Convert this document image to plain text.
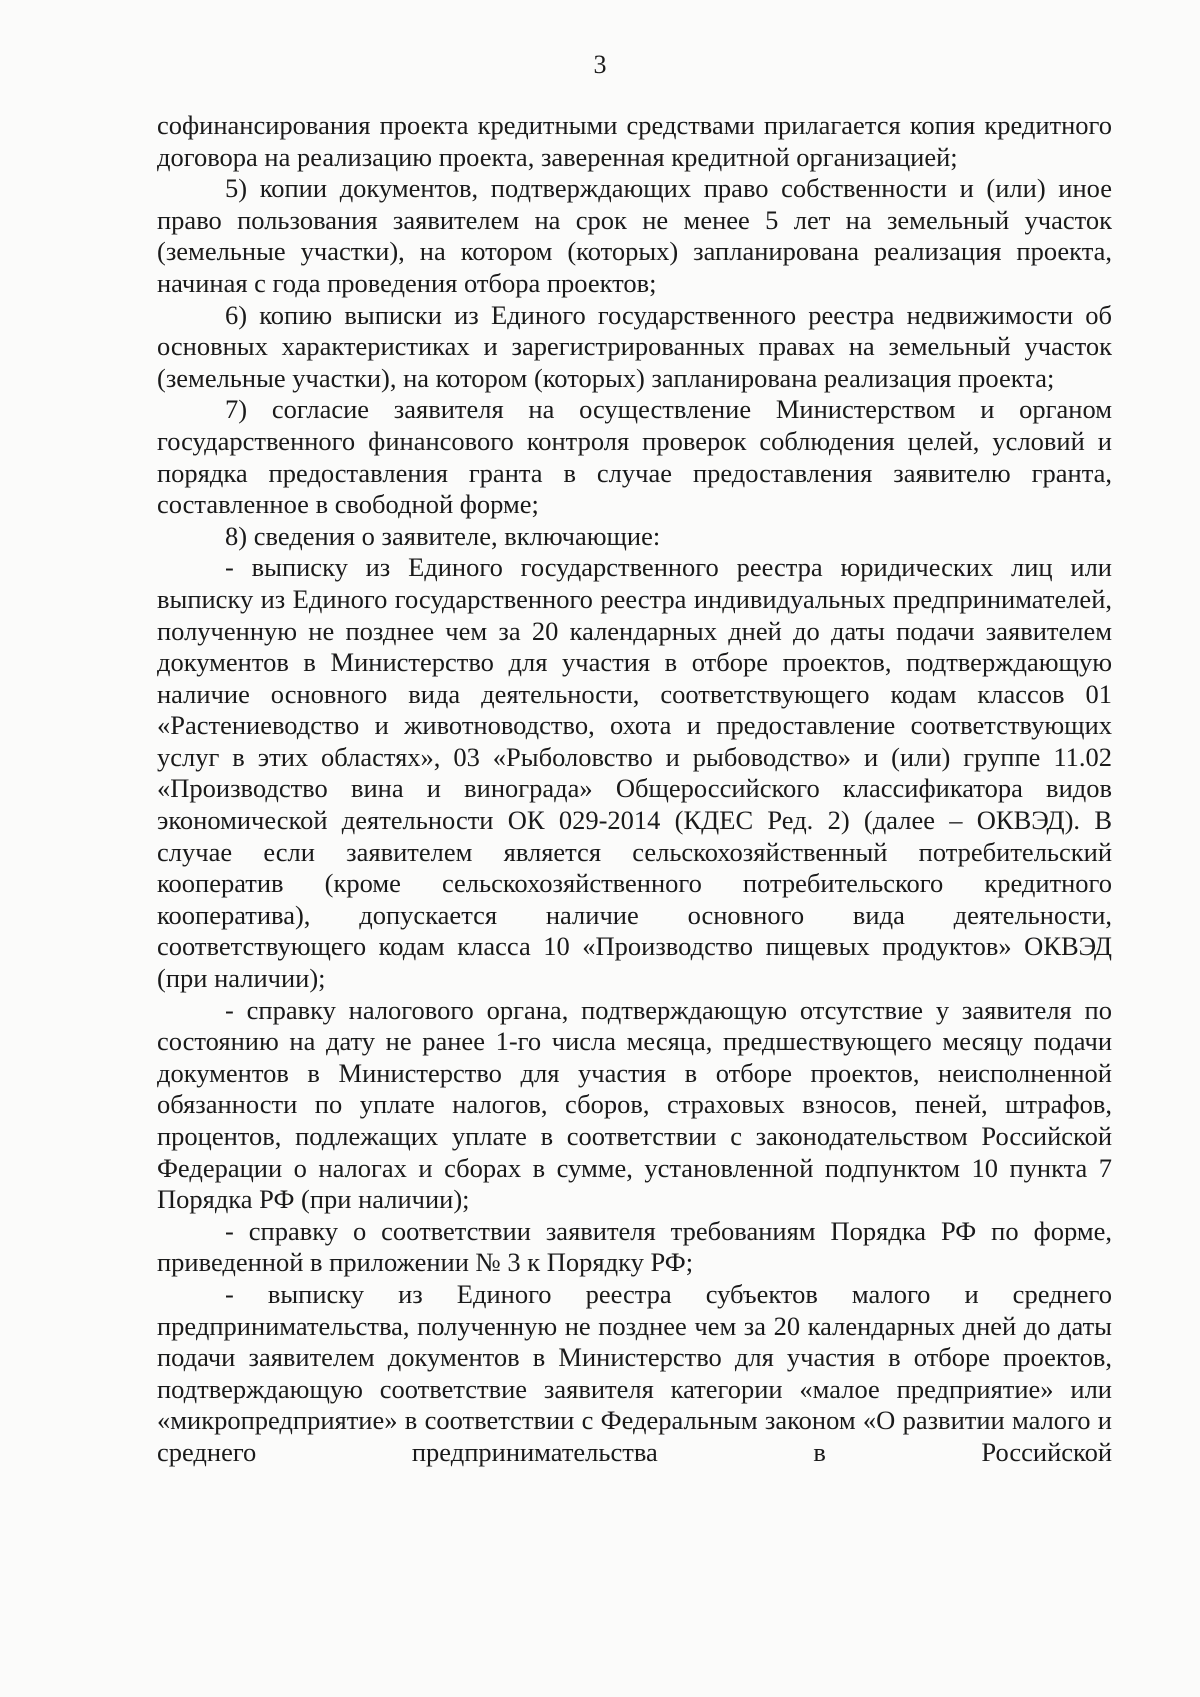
3

софинансирования проекта кредитными средствами прилагается копия кредитного договора на реализацию проекта, заверенная кредитной организацией;

5) копии документов, подтверждающих право собственности и (или) иное право пользования заявителем на срок не менее 5 лет на земельный участок (земельные участки), на котором (которых) запланирована реализация проекта, начиная с года проведения отбора проектов;

6) копию выписки из Единого государственного реестра недвижимости об основных характеристиках и зарегистрированных правах на земельный участок (земельные участки), на котором (которых) запланирована реализация проекта;

7) согласие заявителя на осуществление Министерством и органом государственного финансового контроля проверок соблюдения целей, условий и порядка предоставления гранта в случае предоставления заявителю гранта, составленное в свободной форме;

8) сведения о заявителе, включающие:

- выписку из Единого государственного реестра юридических лиц или выписку из Единого государственного реестра индивидуальных предпринимателей, полученную не позднее чем за 20 календарных дней до даты подачи заявителем документов в Министерство для участия в отборе проектов, подтверждающую наличие основного вида деятельности, соответствующего кодам классов 01 «Растениеводство и животноводство, охота и предоставление соответствующих услуг в этих областях», 03 «Рыболовство и рыбоводство» и (или) группе 11.02 «Производство вина и винограда» Общероссийского классификатора видов экономической деятельности ОК 029-2014 (КДЕС Ред. 2) (далее – ОКВЭД). В случае если заявителем является сельскохозяйственный потребительский кооператив (кроме сельскохозяйственного потребительского кредитного кооператива), допускается наличие основного вида деятельности, соответствующего кодам класса 10 «Производство пищевых продуктов» ОКВЭД (при наличии);

- справку налогового органа, подтверждающую отсутствие у заявителя по состоянию на дату не ранее 1-го числа месяца, предшествующего месяцу подачи документов в Министерство для участия в отборе проектов, неисполненной обязанности по уплате налогов, сборов, страховых взносов, пеней, штрафов, процентов, подлежащих уплате в соответствии с законодательством Российской Федерации о налогах и сборах в сумме, установленной подпунктом 10 пункта 7 Порядка РФ (при наличии);

- справку о соответствии заявителя требованиям Порядка РФ по форме, приведенной в приложении № 3 к Порядку РФ;

- выписку из Единого реестра субъектов малого и среднего предпринимательства, полученную не позднее чем за 20 календарных дней до даты подачи заявителем документов в Министерство для участия в отборе проектов, подтверждающую соответствие заявителя категории «малое предприятие» или «микропредприятие» в соответствии с Федеральным законом «О развитии малого и среднего предпринимательства в Российской
